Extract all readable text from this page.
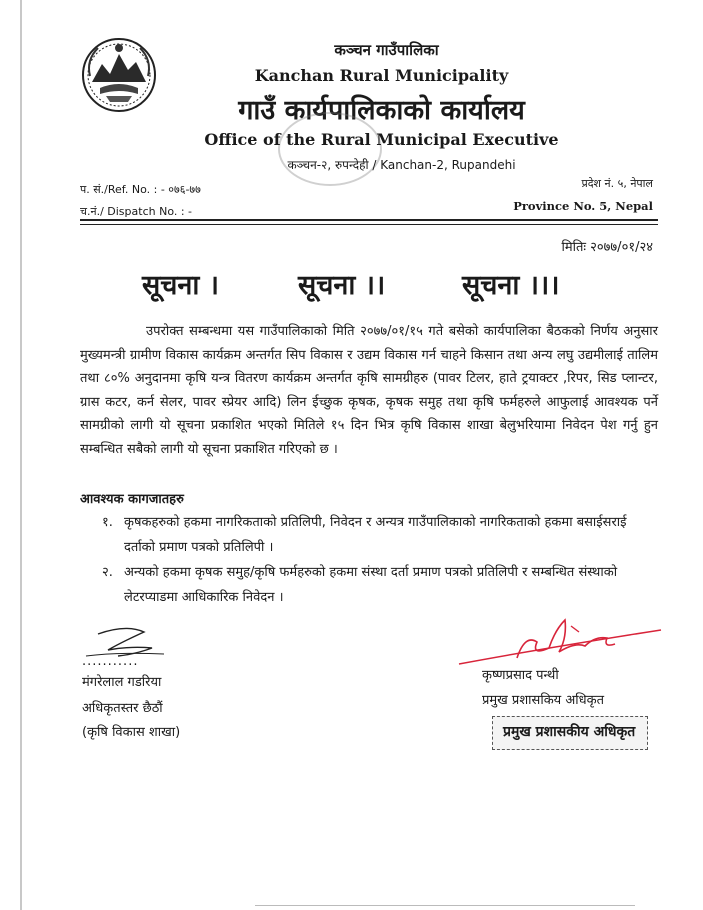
कञ्चन गाउँपालिका
Kanchan Rural Municipality
गाउँ कार्यपालिकाको कार्यालय
Office of the Rural Municipal Executive
कञ्चन-२, रुपन्देही / Kanchan-2, Rupandehi
प. सं./Ref. No. : - ०७६-७७
च.नं./ Dispatch No. : -
प्रदेश नं. ५, नेपाल
Province No. 5, Nepal
मितिः २०७७/०१/२४
सूचना ।	सूचना ।।	सूचना ।।।
उपरोक्त सम्बन्धमा यस गाउँपालिकाको मिति २०७७/०१/१५ गते बसेको कार्यपालिका बैठकको निर्णय अनुसार मुख्यमन्त्री ग्रामीण विकास कार्यक्रम अन्तर्गत सिप विकास र उद्यम विकास गर्न चाहने किसान तथा अन्य लघु उद्यमीलाई तालिम तथा ८०% अनुदानमा कृषि यन्त्र वितरण कार्यक्रम अन्तर्गत कृषि सामग्रीहरु (पावर टिलर, हाते ट्रयाक्टर ,रिपर, सिड प्लान्टर, ग्रास कटर, कर्न सेलर, पावर स्प्रेयर आदि) लिन ईच्छुक कृषक, कृषक समुह तथा कृषि फर्महरुले आफुलाई आवश्यक पर्ने सामग्रीको लागी यो सूचना प्रकाशित भएको मितिले १५ दिन भित्र कृषि विकास शाखा बेलुभरियामा निवेदन पेश गर्नु हुन सम्बन्धित सबैको लागी यो सूचना प्रकाशित गरिएको छ ।
आवश्यक कागजातहरु
१. कृषकहरुको हकमा नागरिकताको प्रतिलिपी, निवेदन र अन्यत्र गाउँपालिकाको नागरिकताको हकमा बसाईसराई दर्ताको प्रमाण पत्रको प्रतिलिपी ।
२. अन्यको हकमा कृषक समुह/कृषि फर्महरुको हकमा संस्था दर्ता प्रमाण पत्रको प्रतिलिपी र सम्बन्धित संस्थाको लेटरप्याडमा आधिकारिक निवेदन ।
...........
मंगरेलाल गडरिया
अधिकृतस्तर छैठौं
(कृषि विकास शाखा)
कृष्णप्रसाद पन्थी
प्रमुख प्रशासकिय अधिकृत
प्रमुख प्रशासकीय अधिकृत
